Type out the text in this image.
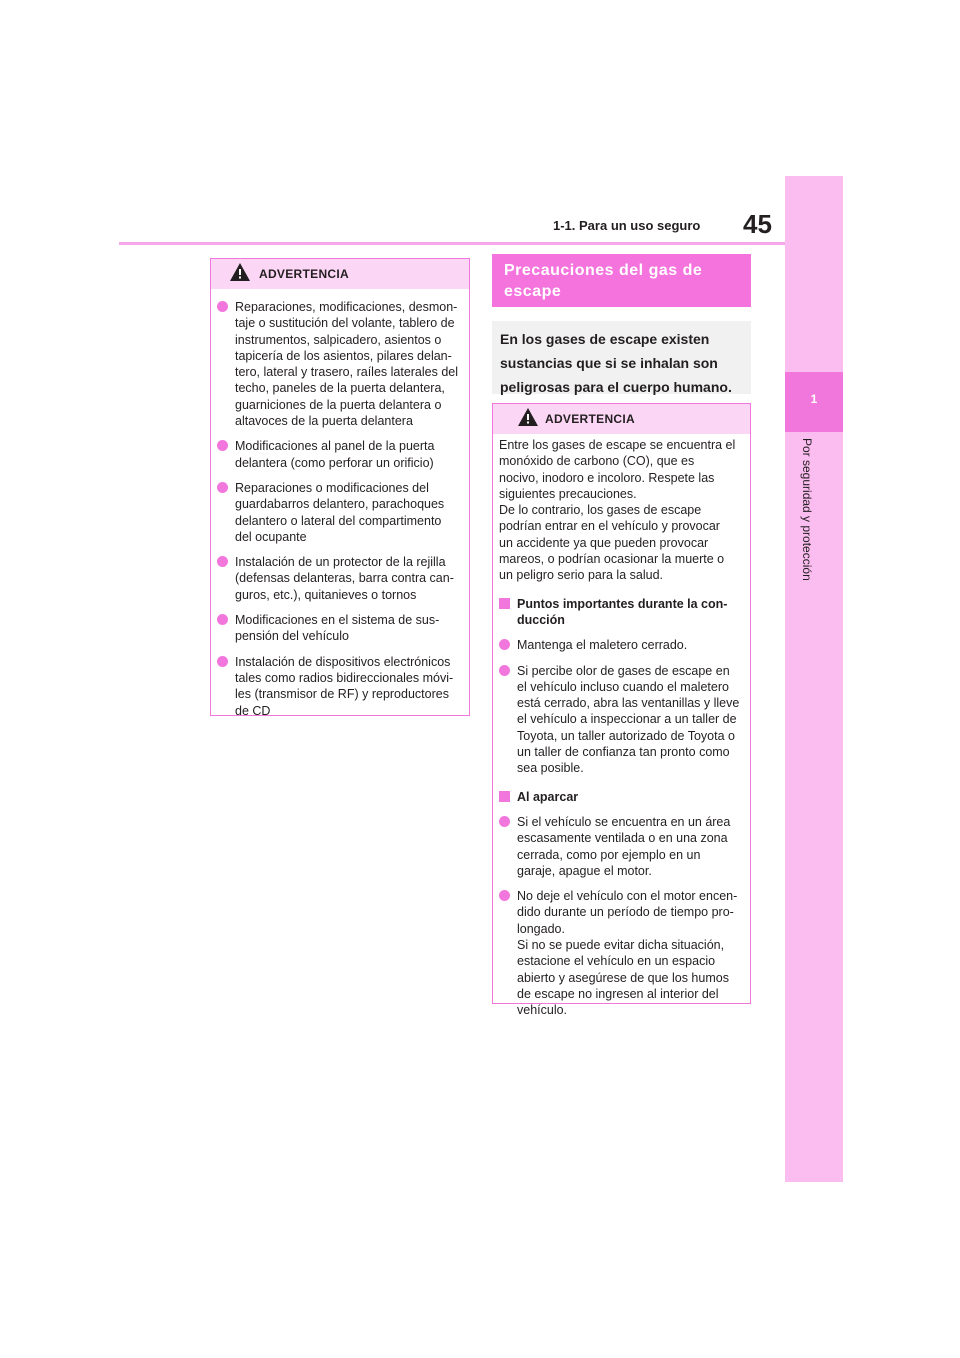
1-1. Para un uso seguro 45
1
Por seguridad y protección
ADVERTENCIA
Reparaciones, modificaciones, desmon-
taje o sustitución del volante, tablero de
instrumentos, salpicadero, asientos o
tapicería de los asientos, pilares delan-
tero, lateral y trasero, raíles laterales del
techo, paneles de la puerta delantera,
guarniciones de la puerta delantera o
altavoces de la puerta delantera
Modificaciones al panel de la puerta
delantera (como perforar un orificio)
Reparaciones o modificaciones del
guardabarros delantero, parachoques
delantero o lateral del compartimento
del ocupante
Instalación de un protector de la rejilla
(defensas delanteras, barra contra can-
guros, etc.), quitanieves o tornos
Modificaciones en el sistema de sus-
pensión del vehículo
Instalación de dispositivos electrónicos
tales como radios bidireccionales móvi-
les (transmisor de RF) y reproductores
de CD
Precauciones del gas de
escape
En los gases de escape existen
sustancias que si se inhalan son
peligrosas para el cuerpo humano.
ADVERTENCIA

Entre los gases de escape se encuentra el
monóxido de carbono (CO), que es
nocivo, inodoro e incoloro. Respete las
siguientes precauciones.
De lo contrario, los gases de escape
podrían entrar en el vehículo y provocar
un accidente ya que pueden provocar
mareos, o podrían ocasionar la muerte o
un peligro serio para la salud.

Puntos importantes durante la con-
ducción
Mantenga el maletero cerrado.
Si percibe olor de gases de escape en
el vehículo incluso cuando el maletero
está cerrado, abra las ventanillas y lleve
el vehículo a inspeccionar a un taller de
Toyota, un taller autorizado de Toyota o
un taller de confianza tan pronto como
sea posible.
Al aparcar
Si el vehículo se encuentra en un área
escasamente ventilada o en una zona
cerrada, como por ejemplo en un
garaje, apague el motor.
No deje el vehículo con el motor encen-
dido durante un período de tiempo pro-
longado.
Si no se puede evitar dicha situación,
estacione el vehículo en un espacio
abierto y asegúrese de que los humos
de escape no ingresen al interior del
vehículo.
